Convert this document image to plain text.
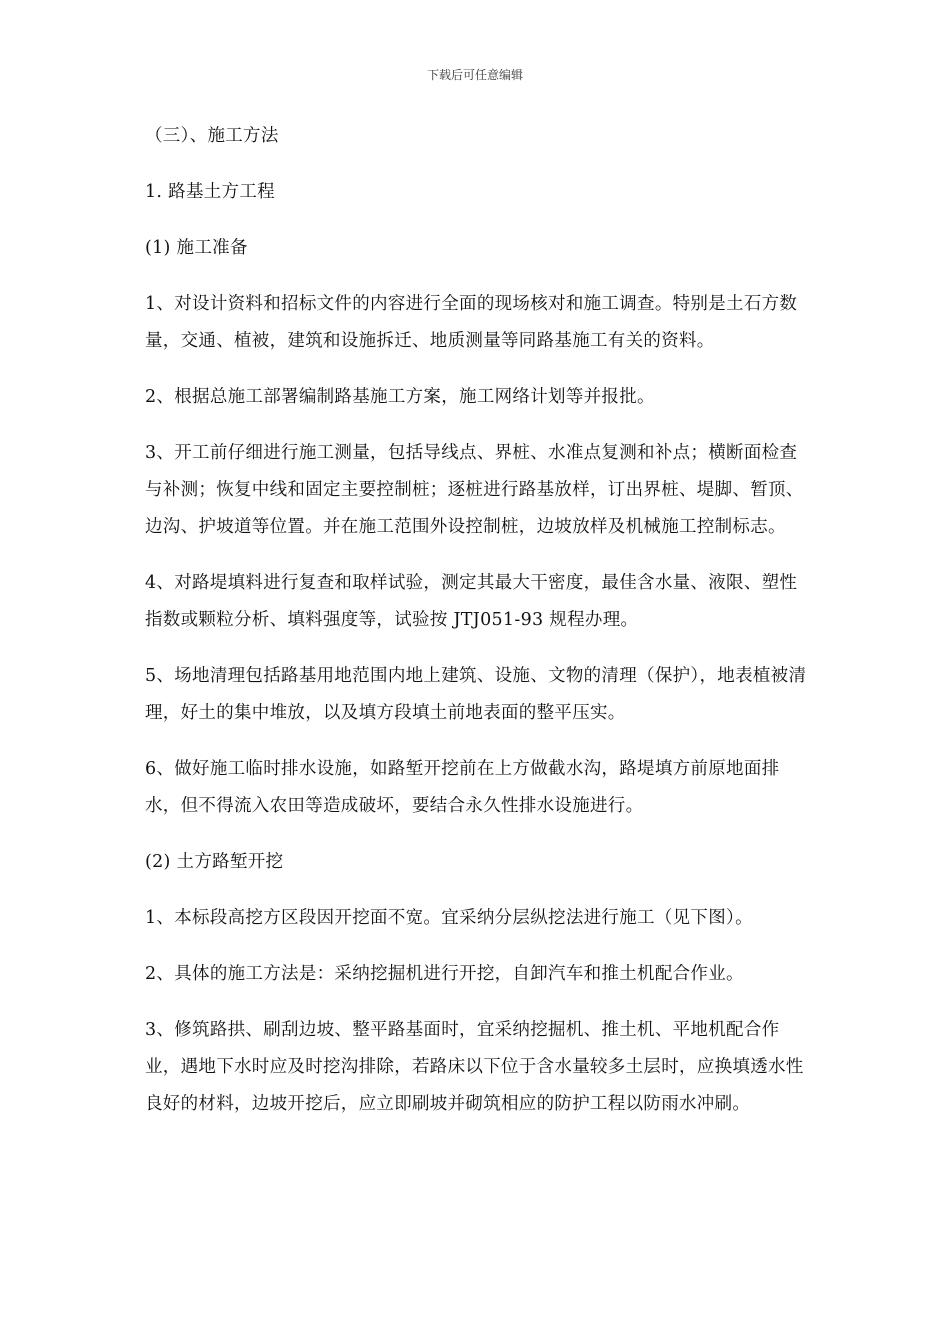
下载后可任意编辑

（三）、施工方法

1. 路基土方工程

(1) 施工准备

1、对设计资料和招标文件的内容进行全面的现场核对和施工调查。特别是土石方数量，交通、植被，建筑和设施拆迁、地质测量等同路基施工有关的资料。

2、根据总施工部署编制路基施工方案，施工网络计划等并报批。

3、开工前仔细进行施工测量，包括导线点、界桩、水准点复测和补点；横断面检查与补测；恢复中线和固定主要控制桩；逐桩进行路基放样，订出界桩、堤脚、暂顶、边沟、护坡道等位置。并在施工范围外设控制桩，边坡放样及机械施工控制标志。

4、对路堤填料进行复查和取样试验，测定其最大干密度，最佳含水量、液限、塑性指数或颗粒分析、填料强度等，试验按 JTJ051-93 规程办理。

5、场地清理包括路基用地范围内地上建筑、设施、文物的清理（保护），地表植被清理，好土的集中堆放，以及填方段填土前地表面的整平压实。

6、做好施工临时排水设施，如路堑开挖前在上方做截水沟，路堤填方前原地面排水，但不得流入农田等造成破坏，要结合永久性排水设施进行。

(2) 土方路堑开挖

1、本标段高挖方区段因开挖面不宽。宜采纳分层纵挖法进行施工（见下图）。

2、具体的施工方法是：采纳挖掘机进行开挖，自卸汽车和推土机配合作业。

3、修筑路拱、刷刮边坡、整平路基面时，宜采纳挖掘机、推土机、平地机配合作业，遇地下水时应及时挖沟排除，若路床以下位于含水量较多土层时，应换填透水性良好的材料，边坡开挖后，应立即刷坡并砌筑相应的防护工程以防雨水冲刷。
